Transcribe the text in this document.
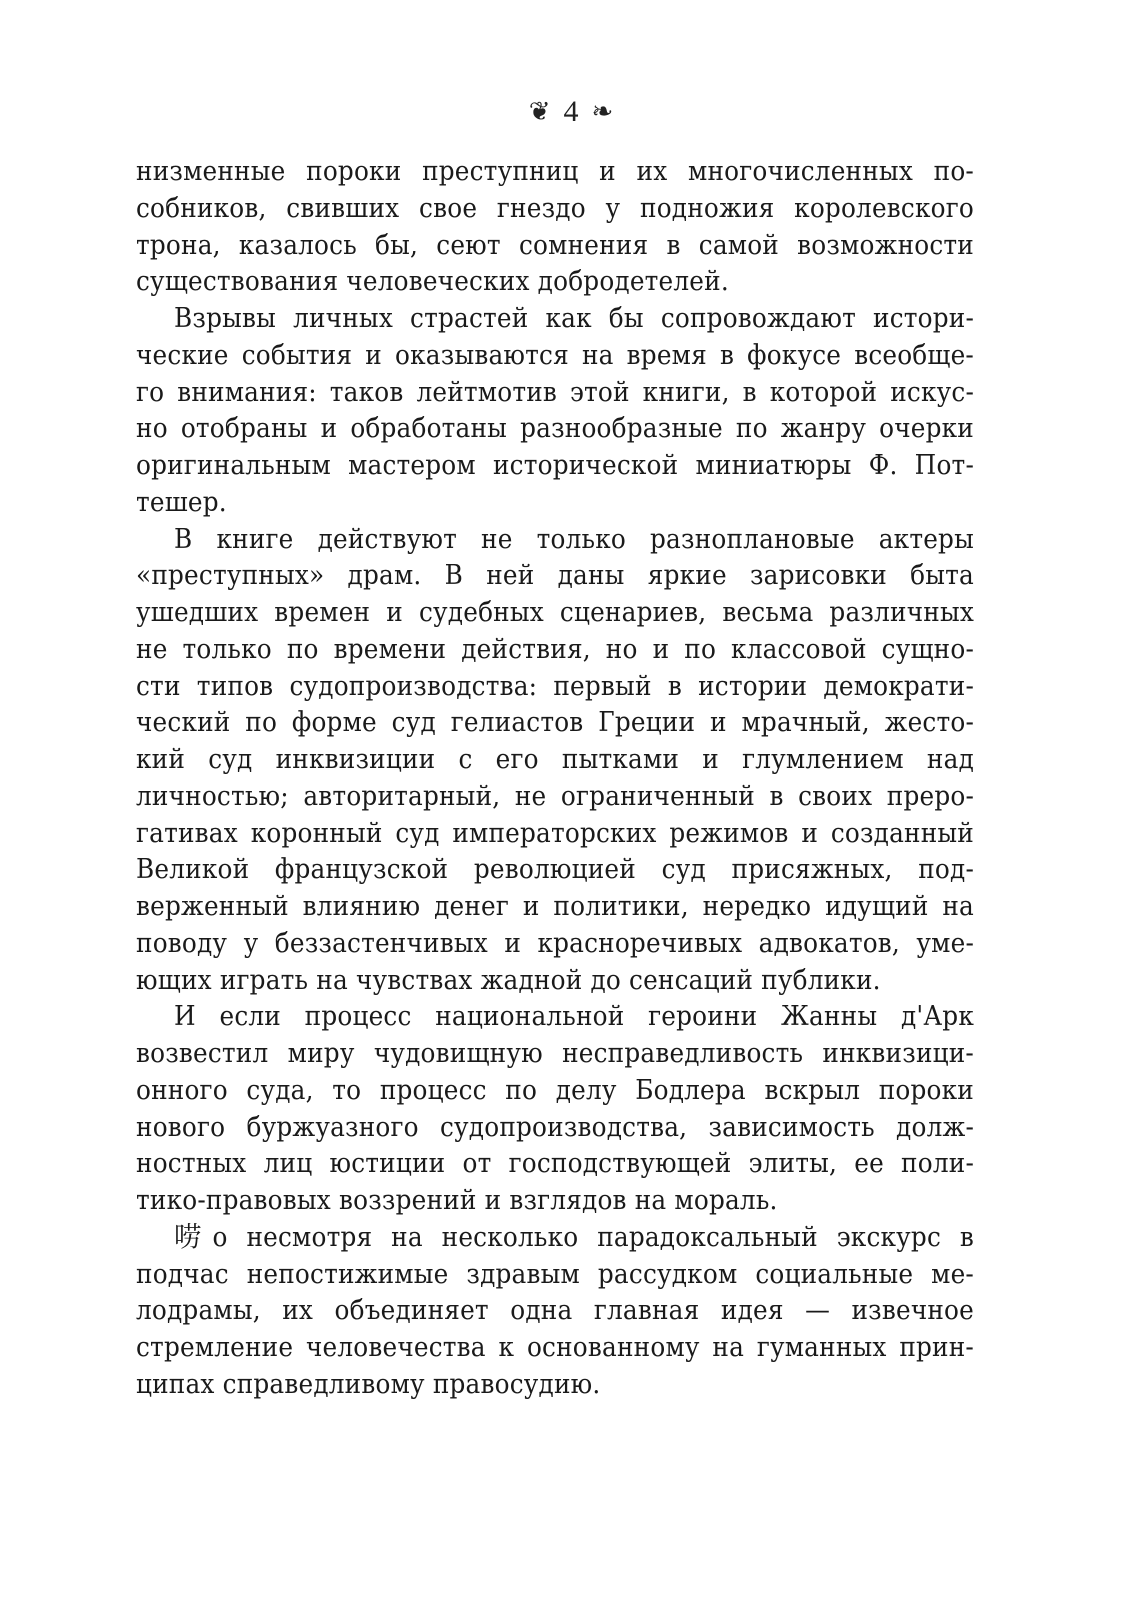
❦ 4 ❧
низменные пороки преступниц и их многочисленных по-
собников, свивших свое гнездо у подножия королевского
трона, казалось бы, сеют сомнения в самой возможности
существования человеческих добродетелей.
Взрывы личных страстей как бы сопровождают истори-
ческие события и оказываются на время в фокусе всеобще-
го внимания: таков лейтмотив этой книги, в которой искус-
но отобраны и обработаны разнообразные по жанру очерки
оригинальным мастером исторической миниатюры Ф. Пот-
тешер.
В книге действуют не только разноплановые актеры
«преступных» драм. В ней даны яркие зарисовки быта
ушедших времен и судебных сценариев, весьма различных
не только по времени действия, но и по классовой сущно-
сти типов судопроизводства: первый в истории демократи-
ческий по форме суд гелиастов Греции и мрачный, жесто-
кий суд инквизиции с его пытками и глумлением над
личностью; авторитарный, не ограниченный в своих преро-
гативах коронный суд императорских режимов и созданный
Великой французской революцией суд присяжных, под-
верженный влиянию денег и политики, нередко идущий на
поводу у беззастенчивых и красноречивых адвокатов, уме-
ющих играть на чувствах жадной до сенсаций публики.
И если процесс национальной героини Жанны д'Арк
возвестил миру чудовищную несправедливость инквизици-
онного суда, то процесс по делу Бодлера вскрыл пороки
нового буржуазного судопроизводства, зависимость долж-
ностных лиц юстиции от господствующей элиты, ее поли-
тико-правовых воззрений и взглядов на мораль.
唠о несмотря на несколько парадоксальный экскурс в
подчас непостижимые здравым рассудком социальные ме-
лодрамы, их объединяет одна главная идея — извечное
стремление человечества к основанному на гуманных прин-
ципах справедливому правосудию.
